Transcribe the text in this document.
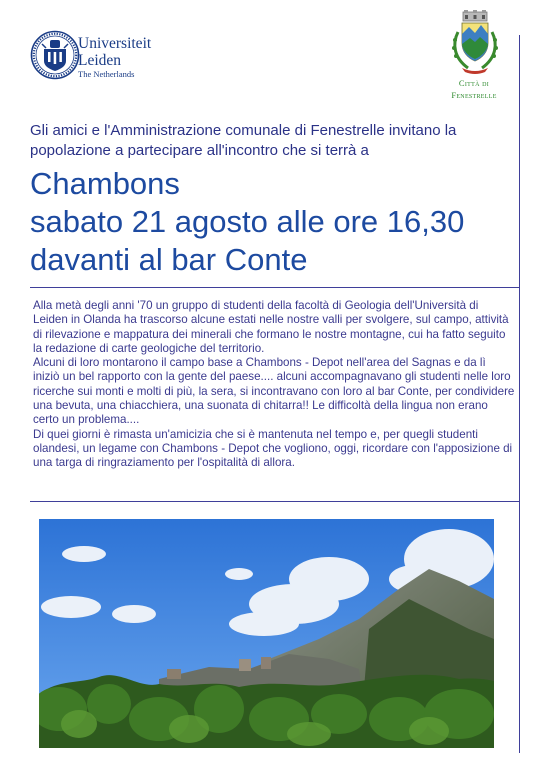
Universiteit
Leiden
The Netherlands
Città di
Fenestrelle
Gli amici e l'Amministrazione comunale di Fenestrelle invitano la popolazione a partecipare all'incontro che si terrà a
Chambons
sabato 21 agosto alle ore 16,30
davanti al bar Conte

Alla metà degli anni '70 un gruppo di studenti della facoltà di Geologia dell'Università di Leiden in Olanda ha trascorso alcune estati nelle nostre valli per svolgere, sul campo, attività di rilevazione e mappatura dei minerali che formano le nostre montagne, cui ha fatto seguito la redazione di carte geologiche del territorio.

Alcuni di loro montarono il campo base a Chambons - Depot nell'area del Sagnas e da lì iniziò un bel rapporto con la gente del paese.... alcuni accompagnavano gli studenti nelle loro ricerche sui monti e molti di più, la sera, si incontravano con loro al bar Conte, per condividere una bevuta, una chiacchiera, una suonata di chitarra!! Le difficoltà della lingua non erano certo un problema....

Di quei giorni è rimasta un'amicizia che si è mantenuta nel tempo e, per quegli studenti olandesi, un legame con Chambons - Depot che vogliono, oggi, ricordare con l'apposizione di una targa di ringraziamento per l'ospitalità di allora.
